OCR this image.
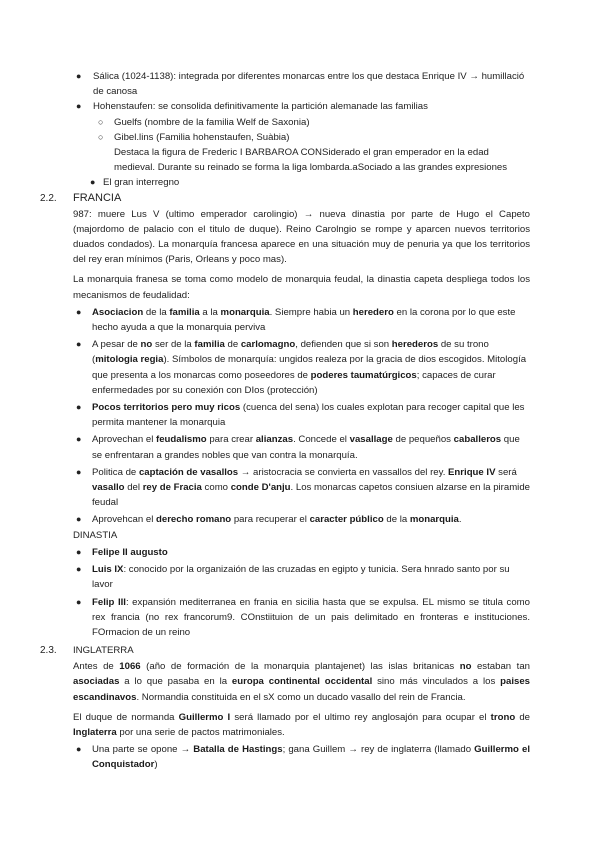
● Sálica (1024-1138): integrada por diferentes monarcas entre los que destaca Enrique IV → humillació de canosa
● Hohenstaufen: se consolida definitivamente la partición alemanade las familias
○ Guelfs (nombre de la familia Welf de Saxonia)
○ Gibel.lins (Familia hohenstaufen, Suàbia)
Destaca la figura de Frederic I BARBAROA CONSiderado el gran emperador en la edad medieval. Durante su reinado se forma la liga lombarda.aSociado a las grandes expresiones
● El gran interregno
2.2. FRANCIA

987: muere Lus V (ultimo emperador carolingio) → nueva dinastia por parte de Hugo el Capeto (majordomo de palacio con el titulo de duque). Reino Carolngio se rompe y aparcen nuevos territorios duados condados). La monarquía francesa aparece en una situación muy de penuria ya que los territorios del rey eran mínimos (Paris, Orleans y poco mas).

La monarquia franesa se toma como modelo de monarquia feudal, la dinastia capeta despliega todos los mecanismos de feudalidad:

● Asociacion de la familia a la monarquia. Siempre habia un heredero en la corona por lo que este hecho ayuda a que la monarquia perviva
● A pesar de no ser de la familia de carlomagno, defienden que si son herederos de su trono (mitologia regia). Símbolos de monarquía: ungidos realeza por la gracia de dios escogidos. Mitología que presenta a los monarcas como poseedores de poderes taumatúrgicos; capaces de curar enfermedades por su conexión con DIos (protección)
● Pocos territorios pero muy ricos (cuenca del sena) los cuales explotan para recoger capital que les permita mantener la monarquia
● Aprovechan el feudalismo para crear alianzas. Concede el vasallage de pequeños caballeros que se enfrentaran a grandes nobles que van contra la monarquía.
● Politica de captación de vasallos → aristocracia se convierta en vassallos del rey. Enrique IV será vasallo del rey de Fracia como conde D'anju. Los monarcas capetos consiuen alzarse en la piramide feudal
● Aprovehcan el derecho romano para recuperar el caracter público de la monarquia.

DINASTIA

● Felipe II augusto
● Luis IX: conocido por la organizaión de las cruzadas en egipto y tunicia. Sera hnrado santo por su lavor
● Felip III: expansión mediterranea en frania en sicilia hasta que se expulsa. EL mismo se titula como rex francia (no rex francorum9. COnstiituion de un pais delimitado en fronteras e instituciones. FOrmacion de un reino
2.3. INGLATERRA

Antes de 1066 (año de formación de la monarquia plantajenet) las islas britanicas no estaban tan asociadas a lo que pasaba en la europa continental occidental sino más vinculados a los paises escandinavos. Normandia constituida en el sX como un ducado vasallo del rein de Francia.

El duque de normanda Guillermo I será llamado por el ultimo rey anglosajón para ocupar el trono de Inglaterra por una serie de pactos matrimoniales.

● Una parte se opone → Batalla de Hastings; gana Guillem → rey de inglaterra (llamado Guillermo el Conquistador)
